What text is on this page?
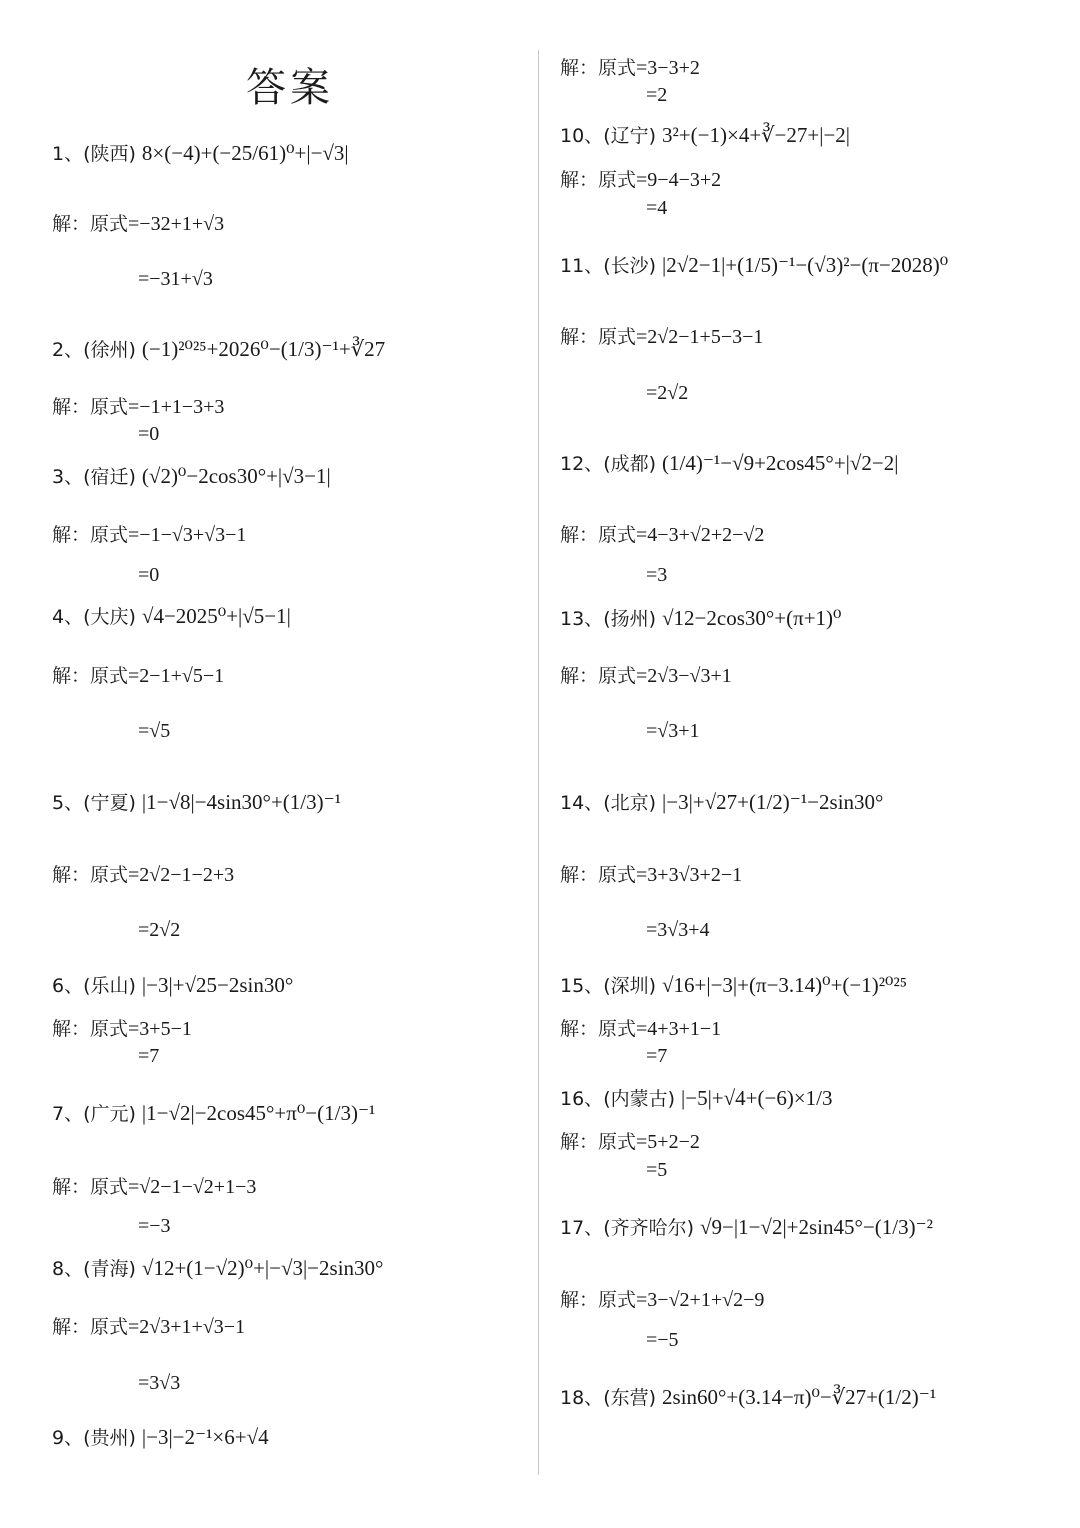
答案
1、(陕西) 8×(−4)+(−25/61)⁰+|−√3|
解：原式=−32+1+√3
=−31+√3
2、(徐州) (−1)²⁰²⁵+2026⁰−(1/3)⁻¹+∛27
解：原式=−1+1−3+3
=0
3、(宿迁) (√2)⁰−2cos30°+|√3−1|
解：原式=−1−√3+√3−1
=0
4、(大庆) √4−2025⁰+|√5−1|
解：原式=2−1+√5−1
=√5
5、(宁夏) |1−√8|−4sin30°+(1/3)⁻¹
解：原式=2√2−1−2+3
=2√2
6、(乐山) |−3|+√25−2sin30°
解：原式=3+5−1
=7
7、(广元) |1−√2|−2cos45°+π⁰−(1/3)⁻¹
解：原式=√2−1−√2+1−3
=−3
8、(青海) √12+(1−√2)⁰+|−√3|−2sin30°
解：原式=2√3+1+√3−1
=3√3
9、(贵州) |−3|−2⁻¹×6+√4
解：原式=3−3+2
=2
10、(辽宁) 3²+(−1)×4+∛−27+|−2|
解：原式=9−4−3+2
=4
11、(长沙) |2√2−1|+(1/5)⁻¹−(√3)²−(π−2028)⁰
解：原式=2√2−1+5−3−1
=2√2
12、(成都) (1/4)⁻¹−√9+2cos45°+|√2−2|
解：原式=4−3+√2+2−√2
=3
13、(扬州) √12−2cos30°+(π+1)⁰
解：原式=2√3−√3+1
=√3+1
14、(北京) |−3|+√27+(1/2)⁻¹−2sin30°
解：原式=3+3√3+2−1
=3√3+4
15、(深圳) √16+|−3|+(π−3.14)⁰+(−1)²⁰²⁵
解：原式=4+3+1−1
=7
16、(内蒙古) |−5|+√4+(−6)×1/3
解：原式=5+2−2
=5
17、(齐齐哈尔) √9−|1−√2|+2sin45°−(1/3)⁻²
解：原式=3−√2+1+√2−9
=−5
18、(东营) 2sin60°+(3.14−π)⁰−∛27+(1/2)⁻¹
